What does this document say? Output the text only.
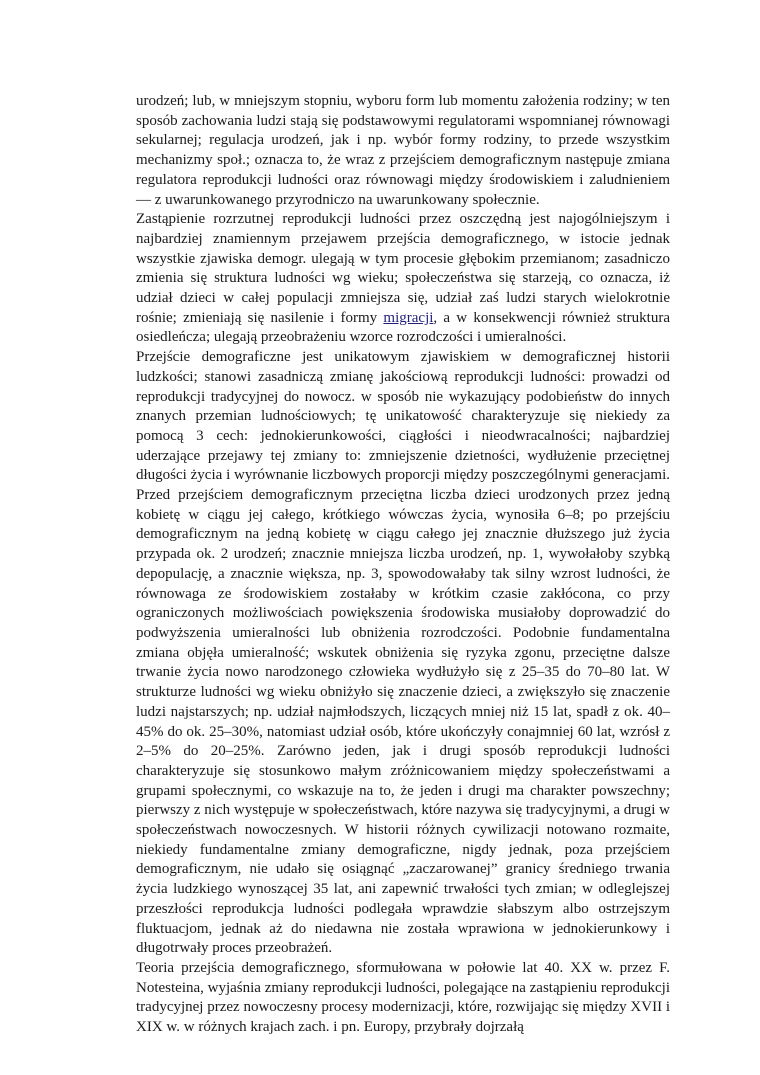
urodzeń; lub, w mniejszym stopniu, wyboru form lub momentu założenia rodziny; w ten sposób zachowania ludzi stają się podstawowymi regulatorami wspomnianej równowagi sekularnej; regulacja urodzeń, jak i np. wybór formy rodziny, to przede wszystkim mechanizmy społ.; oznacza to, że wraz z przejściem demograficznym następuje zmiana regulatora reprodukcji ludności oraz równowagi między środowiskiem i zaludnieniem — z uwarunkowanego przyrodniczo na uwarunkowany społecznie.

Zastąpienie rozrzutnej reprodukcji ludności przez oszczędną jest najogólniejszym i najbardziej znamiennym przejawem przejścia demograficznego, w istocie jednak wszystkie zjawiska demogr. ulegają w tym procesie głębokim przemianom; zasadniczo zmienia się struktura ludności wg wieku; społeczeństwa się starzeją, co oznacza, iż udział dzieci w całej populacji zmniejsza się, udział zaś ludzi starych wielokrotnie rośnie; zmieniają się nasilenie i formy migracji, a w konsekwencji również struktura osiedleńcza; ulegają przeobrażeniu wzorce rozrodczości i umieralności.

Przejście demograficzne jest unikatowym zjawiskiem w demograficznej historii ludzkości; stanowi zasadniczą zmianę jakościową reprodukcji ludności: prowadzi od reprodukcji tradycyjnej do nowocz. w sposób nie wykazujący podobieństw do innych znanych przemian ludnościowych; tę unikatowość charakteryzuje się niekiedy za pomocą 3 cech: jednokierunkowości, ciągłości i nieodwracalności; najbardziej uderzające przejawy tej zmiany to: zmniejszenie dzietności, wydłużenie przeciętnej długości życia i wyrównanie liczbowych proporcji między poszczególnymi generacjami. Przed przejściem demograficznym przeciętna liczba dzieci urodzonych przez jedną kobietę w ciągu jej całego, krótkiego wówczas życia, wynosiła 6–8; po przejściu demograficznym na jedną kobietę w ciągu całego jej znacznie dłuższego już życia przypada ok. 2 urodzeń; znacznie mniejsza liczba urodzeń, np. 1, wywołałoby szybką depopulację, a znacznie większa, np. 3, spowodowałaby tak silny wzrost ludności, że równowaga ze środowiskiem zostałaby w krótkim czasie zakłócona, co przy ograniczonych możliwościach powiększenia środowiska musiałoby doprowadzić do podwyższenia umieralności lub obniżenia rozrodczości. Podobnie fundamentalna zmiana objęła umieralność; wskutek obniżenia się ryzyka zgonu, przeciętne dalsze trwanie życia nowo narodzonego człowieka wydłużyło się z 25–35 do 70–80 lat. W strukturze ludności wg wieku obniżyło się znaczenie dzieci, a zwiększyło się znaczenie ludzi najstarszych; np. udział najmłodszych, liczących mniej niż 15 lat, spadł z ok. 40–45% do ok. 25–30%, natomiast udział osób, które ukończyły conajmniej 60 lat, wzrósł z 2–5% do 20–25%. Zarówno jeden, jak i drugi sposób reprodukcji ludności charakteryzuje się stosunkowo małym zróżnicowaniem między społeczeństwami a grupami społecznymi, co wskazuje na to, że jeden i drugi ma charakter powszechny; pierwszy z nich występuje w społeczeństwach, które nazywa się tradycyjnymi, a drugi w społeczeństwach nowoczesnych. W historii różnych cywilizacji notowano rozmaite, niekiedy fundamentalne zmiany demograficzne, nigdy jednak, poza przejściem demograficznym, nie udało się osiągnąć „zaczarowanej” granicy średniego trwania życia ludzkiego wynoszącej 35 lat, ani zapewnić trwałości tych zmian; w odleglejszej przeszłości reprodukcja ludności podlegała wprawdzie słabszym albo ostrzejszym fluktuacjom, jednak aż do niedawna nie została wprawiona w jednokierunkowy i długotrwały proces przeobrażeń.

Teoria przejścia demograficznego, sformułowana w połowie lat 40. XX w. przez F. Notesteina, wyjaśnia zmiany reprodukcji ludności, polegające na zastąpieniu reprodukcji tradycyjnej przez nowoczesny procesy modernizacji, które, rozwijając się między XVII i XIX w. w różnych krajach zach. i pn. Europy, przybrały dojrzałą
